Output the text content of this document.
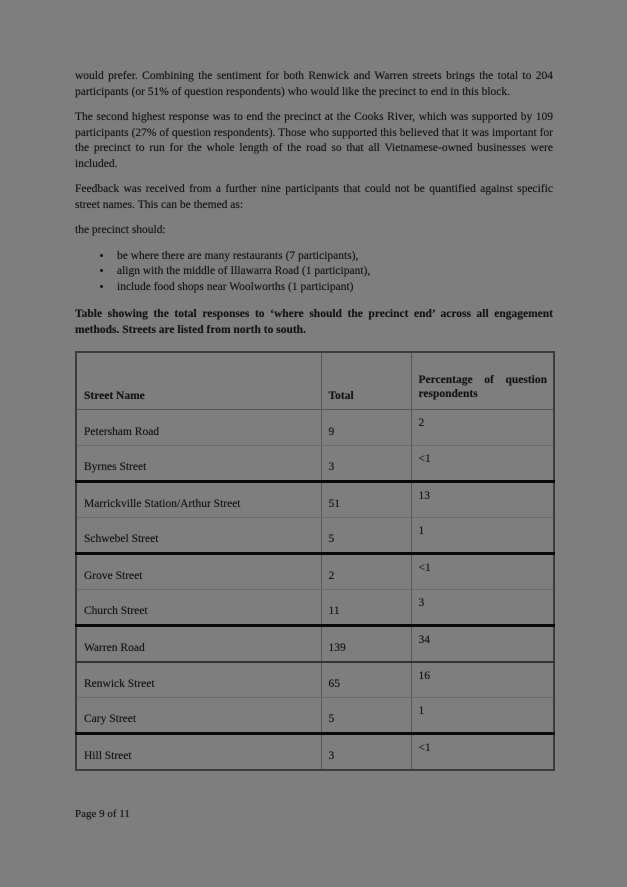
would prefer. Combining the sentiment for both Renwick and Warren streets brings the total to 204 participants (or 51% of question respondents) who would like the precinct to end in this block.

The second highest response was to end the precinct at the Cooks River, which was supported by 109 participants (27% of question respondents). Those who supported this believed that it was important for the precinct to run for the whole length of the road so that all Vietnamese-owned businesses were included.

Feedback was received from a further nine participants that could not be quantified against specific street names. This can be themed as:

the precinct should:

• be where there are many restaurants (7 participants),
• align with the middle of Illawarra Road (1 participant),
• include food shops near Woolworths (1 participant)

Table showing the total responses to ‘where should the precinct end’ across all engagement methods. Streets are listed from north to south.

Street Name	Total	Percentage of question respondents
Petersham Road	9	2
Byrnes Street	3	<1
Marrickville Station/Arthur Street	51	13
Schwebel Street	5	1
Grove Street	2	<1
Church Street	11	3
Warren Road	139	34
Renwick Street	65	16
Cary Street	5	1
Hill Street	3	<1
Page 9 of 11
